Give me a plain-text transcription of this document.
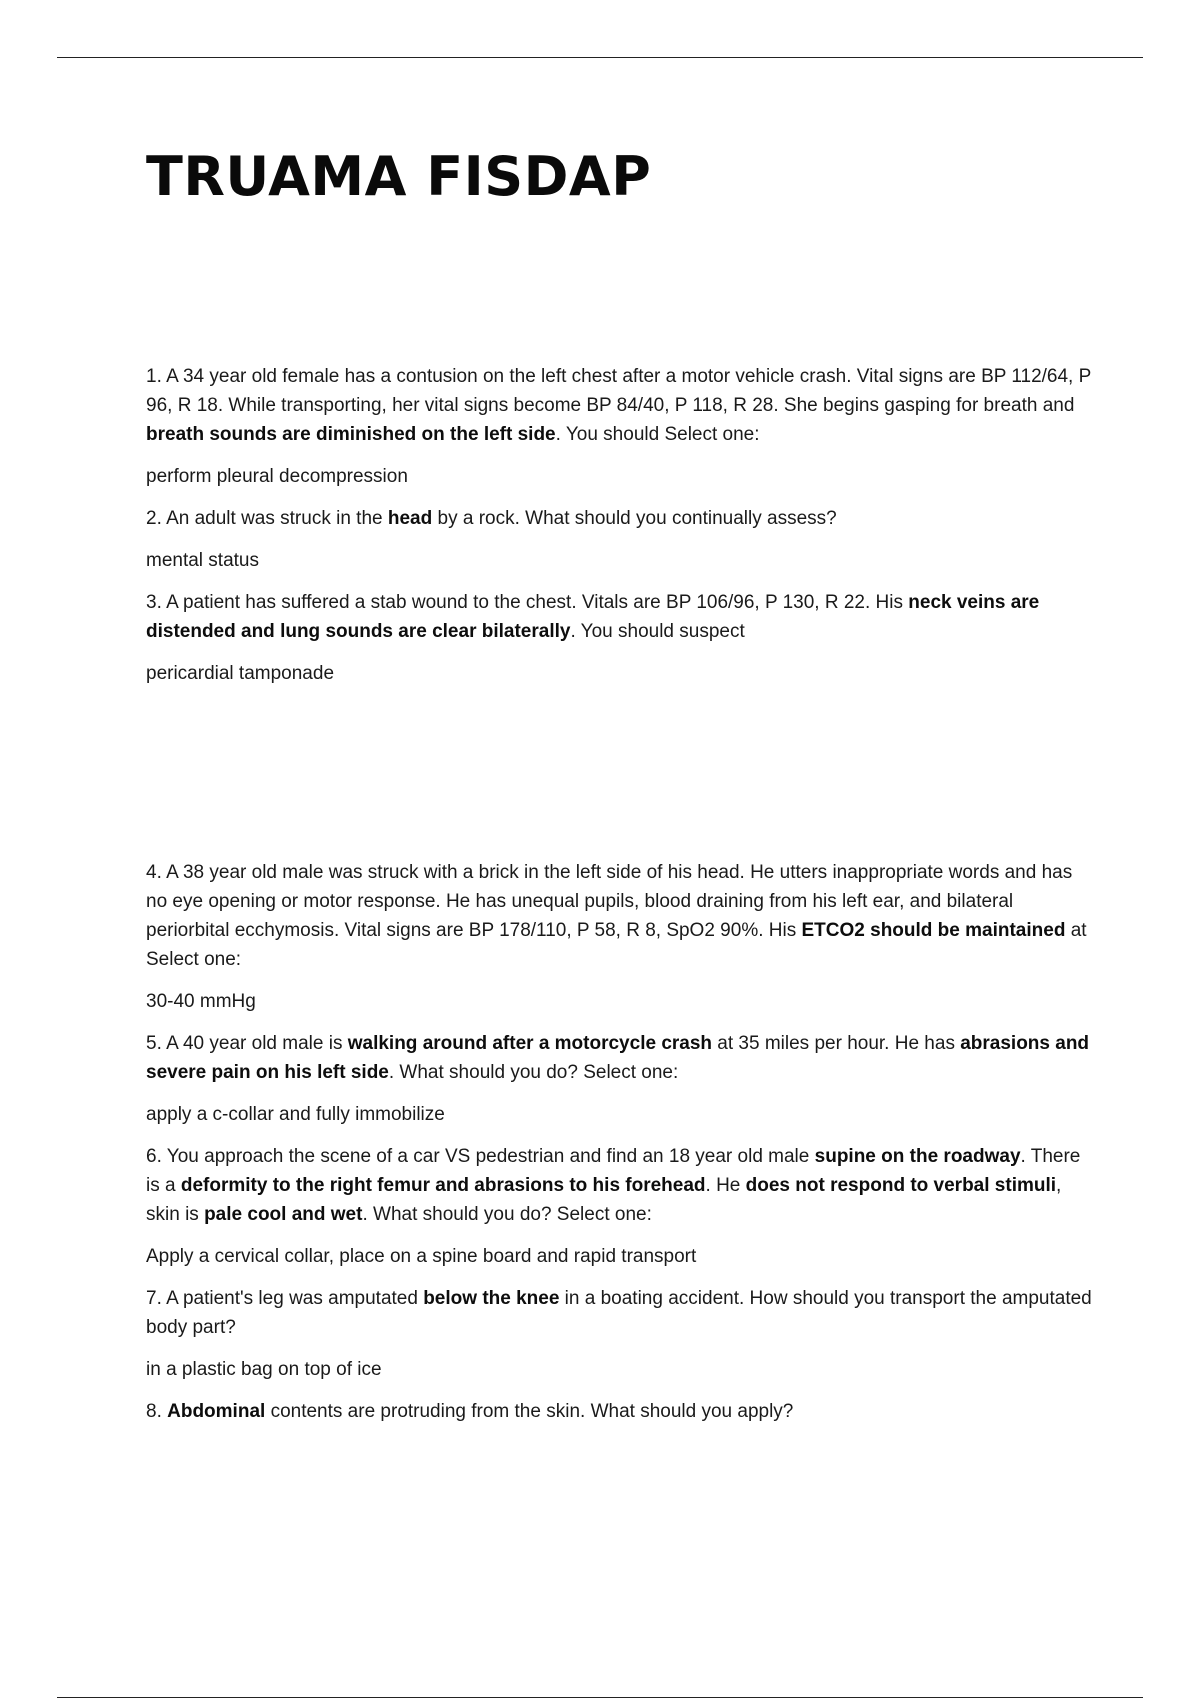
TRUAMA FISDAP

1. A 34 year old female has a contusion on the left chest after a motor vehicle crash. Vital signs are BP 112/64, P 96, R 18. While transporting, her vital signs become BP 84/40, P 118, R 28. She begins gasping for breath and breath sounds are diminished on the left side. You should Select one:

perform pleural decompression

2. An adult was struck in the head by a rock. What should you continually assess?

mental status

3. A patient has suffered a stab wound to the chest. Vitals are BP 106/96, P 130, R 22. His neck veins are distended and lung sounds are clear bilaterally. You should suspect

pericardial tamponade

4. A 38 year old male was struck with a brick in the left side of his head. He utters inappropriate words and has no eye opening or motor response. He has unequal pupils, blood draining from his left ear, and bilateral periorbital ecchymosis. Vital signs are BP 178/110, P 58, R 8, SpO2 90%. His ETCO2 should be maintained at Select one:

30-40 mmHg

5. A 40 year old male is walking around after a motorcycle crash at 35 miles per hour. He has abrasions and severe pain on his left side. What should you do? Select one:

apply a c-collar and fully immobilize

6. You approach the scene of a car VS pedestrian and find an 18 year old male supine on the roadway. There is a deformity to the right femur and abrasions to his forehead. He does not respond to verbal stimuli, skin is pale cool and wet. What should you do? Select one:

Apply a cervical collar, place on a spine board and rapid transport

7. A patient's leg was amputated below the knee in a boating accident. How should you transport the amputated body part?

in a plastic bag on top of ice

8. Abdominal contents are protruding from the skin. What should you apply?
